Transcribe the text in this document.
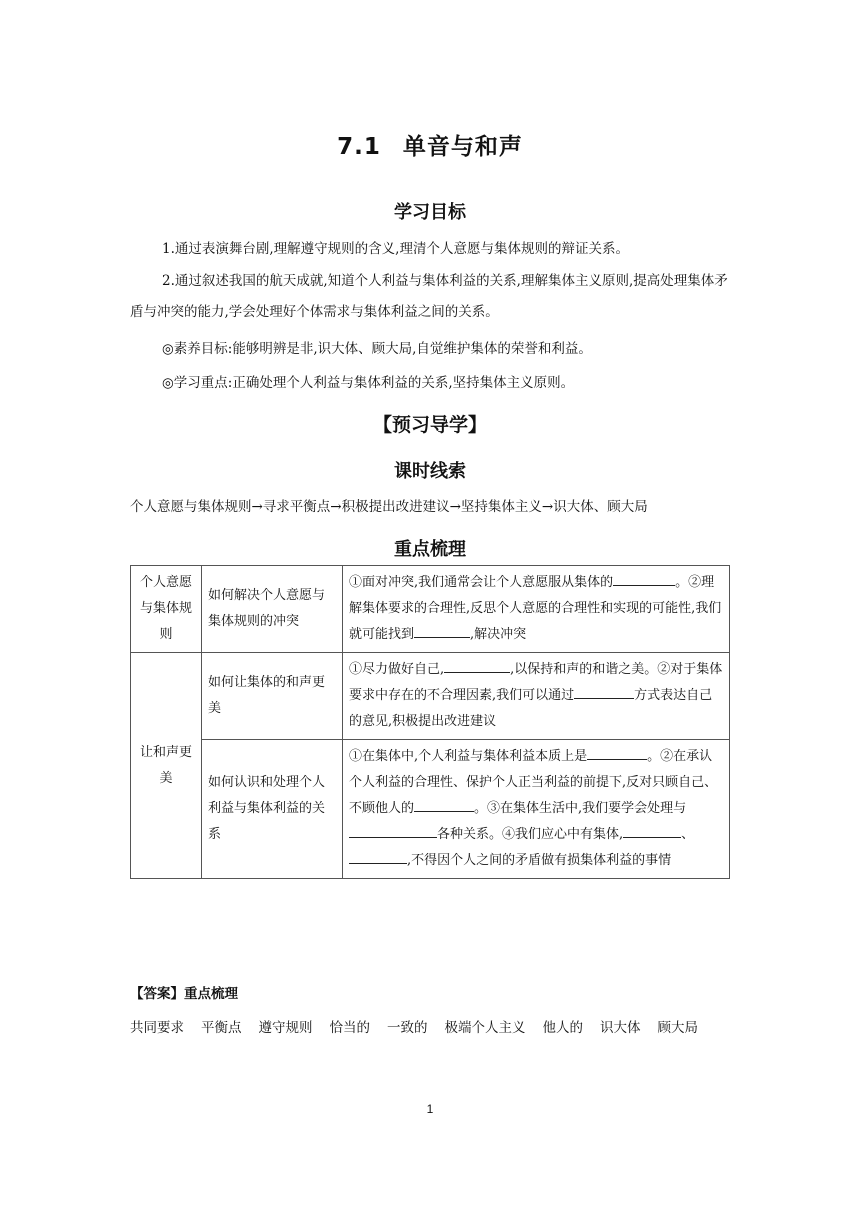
7.1 单音与和声
学习目标
1.通过表演舞台剧,理解遵守规则的含义,理清个人意愿与集体规则的辩证关系。
2.通过叙述我国的航天成就,知道个人利益与集体利益的关系,理解集体主义原则,提高处理集体矛盾与冲突的能力,学会处理好个体需求与集体利益之间的关系。
◎素养目标:能够明辨是非,识大体、顾大局,自觉维护集体的荣誉和利益。
◎学习重点:正确处理个人利益与集体利益的关系,坚持集体主义原则。
【预习导学】
课时线索
个人意愿与集体规则→寻求平衡点→积极提出改进建议→坚持集体主义→识大体、顾大局
重点梳理
个人意愿与集体规则	如何解决个人意愿与集体规则的冲突	①面对冲突,我们通常会让个人意愿服从集体的 。②理解集体要求的合理性,反思个人意愿的合理性和实现的可能性,我们就可能找到 ,解决冲突
让和声更美	如何让集体的和声更美	①尽力做好自己, ,以保持和声的和谐之美。②对于集体要求中存在的不合理因素,我们可以通过 方式表达自己的意见,积极提出改进建议
	如何认识和处理个人利益与集体利益的关系	①在集体中,个人利益与集体利益本质上是 。②在承认个人利益的合理性、保护个人正当利益的前提下,反对只顾自己、不顾他人的 。③在集体生活中,我们要学会处理与各种关系。④我们应心中有集体, 、,不得因个人之间的矛盾做有损集体利益的事情
【答案】重点梳理
共同要求 平衡点 遵守规则 恰当的 一致的 极端个人主义 他人的 识大体 顾大局
1
